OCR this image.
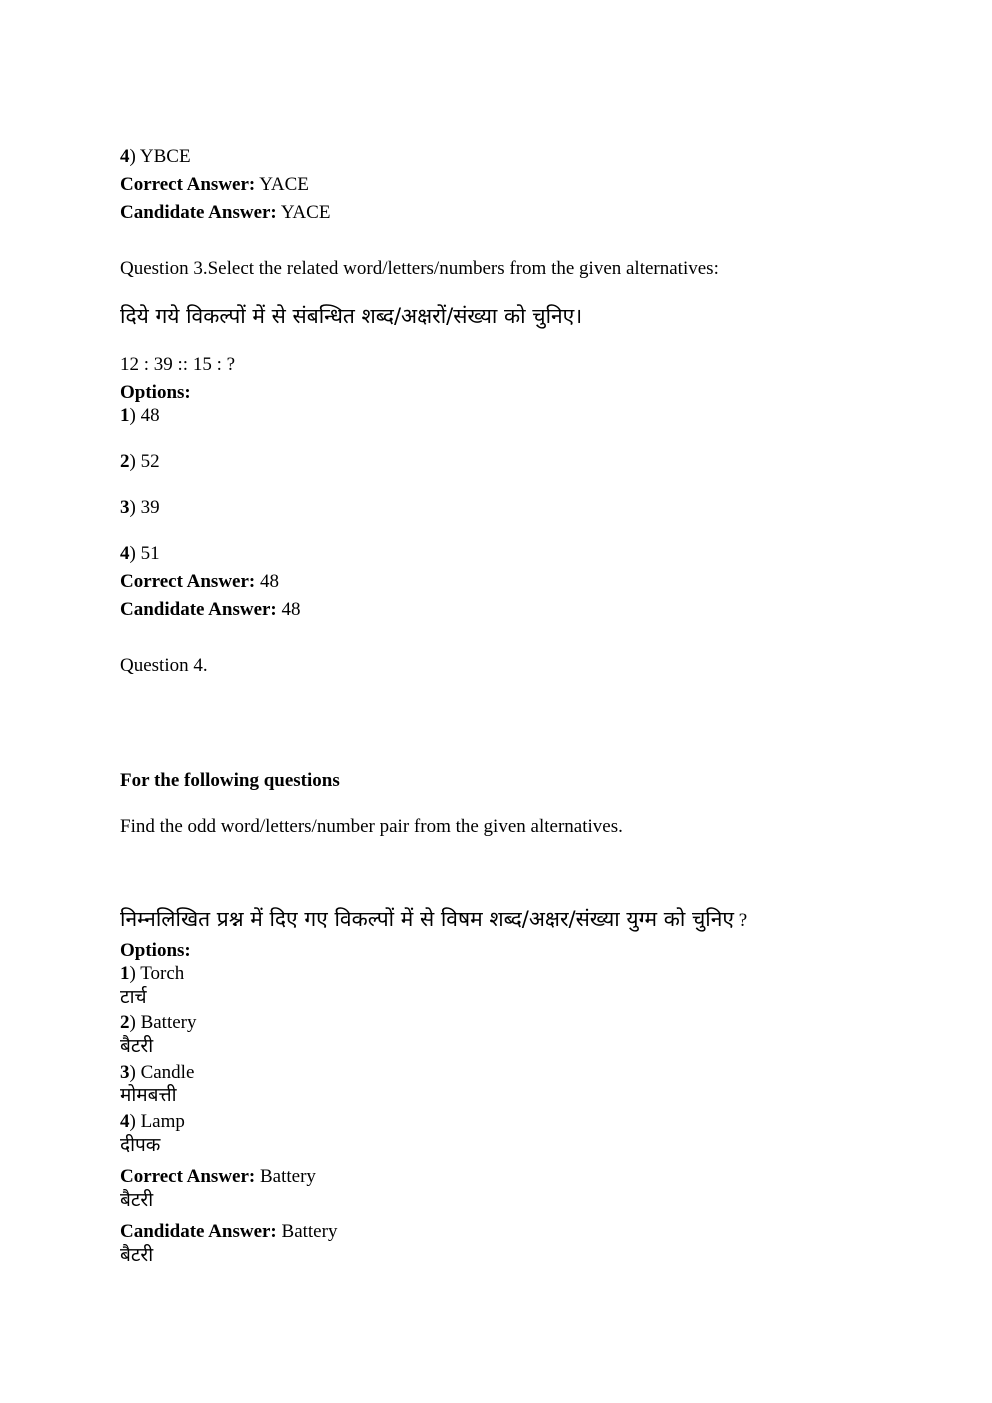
4) YBCE
Correct Answer: YACE
Candidate Answer: YACE
Question 3.Select the related word/letters/numbers from the given alternatives:
दिये गये विकल्पों में से संबन्धित शब्द/अक्षरों/संख्या को चुनिए।
12 : 39 :: 15 : ?
Options:
1) 48
2) 52
3) 39
4) 51
Correct Answer: 48
Candidate Answer: 48
Question 4.
For the following questions
Find the odd word/letters/number pair from the given alternatives.
निम्नलिखित प्रश्न में दिए गए विकल्पों में से विषम शब्द/अक्षर/संख्या युग्म को चुनिए ?
Options:
1) Torch
टार्च
2) Battery
बैटरी
3) Candle
मोमबत्ती
4) Lamp
दीपक
Correct Answer: Battery
बैटरी
Candidate Answer: Battery
बैटरी
